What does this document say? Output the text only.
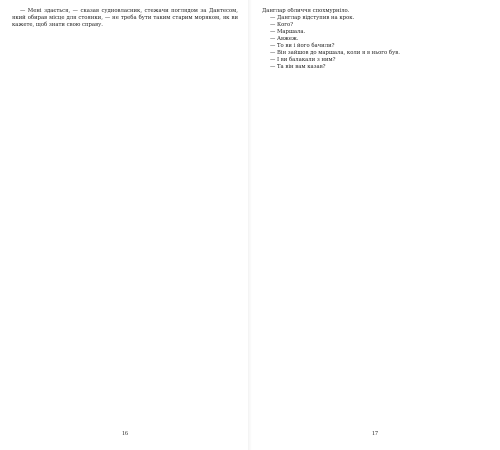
— Мені здається, — сказав судновласник, стежачи поглядом за Дантесом, який обирав місце для стоянки, — не треба бути таким старим моряком, як ви кажете, щоб знати свою справу.

16

Данглар обличчя спохмурніло.

— Данглар відступив на крок.

— Кого?

— Маршала.

— Авжеж.

— То ви і його бачили?

— Він зайшов до маршала, коли я в нього був.

— І ви балакали з ним?

— Та він вам казав?

17
